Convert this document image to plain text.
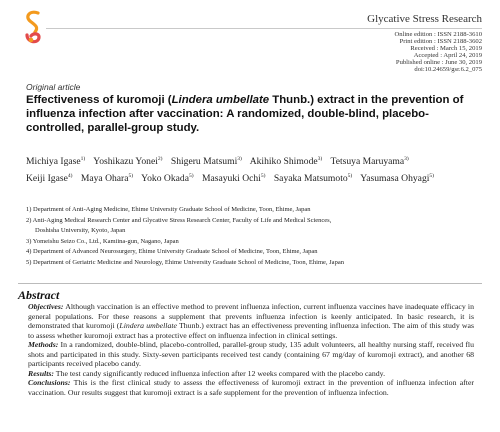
Glycative Stress Research
Online edition : ISSN 2188-3610
Print edition : ISSN 2188-3602
Received : March 15, 2019
Accepted : April 24, 2019
Published online : June 30, 2019
doi:10.24659/gsr.6.2_075
Original article
Effectiveness of kuromoji (Lindera umbellate Thunb.) extract in the prevention of influenza infection after vaccination: A randomized, double-blind, placebo-controlled, parallel-group study.
Michiya Igase$^{1)}$ Yoshikazu Yonei$^{2)}$ Shigeru Matsumi$^{3)}$ Akihiko Shimode$^{3)}$ Tetsuya Maruyama$^{3)}$
Keiji Igase$^{4)}$ Maya Ohara$^{5)}$ Yoko Okada$^{5)}$ Masayuki Ochi$^{5)}$ Sayaka Matsumoto$^{5)}$ Yasumasa Ohyagi$^{5)}$
1) Department of Anti-Aging Medicine, Ehime University Graduate School of Medicine, Toon, Ehime, Japan
2) Anti-Aging Medical Research Center and Glycative Stress Research Center, Faculty of Life and Medical Sciences,
Doshisha University, Kyoto, Japan
3) Yomeishu Seizo Co., Ltd., Kamiina-gun, Nagano, Japan
4) Department of Advanced Neurosurgery, Ehime University Graduate School of Medicine, Toon, Ehime, Japan
5) Department of Geriatric Medicine and Neurology, Ehime University Graduate School of Medicine, Toon, Ehime, Japan
Abstract

Objectives: Although vaccination is an effective method to prevent influenza infection, current influenza vaccines have inadequate efficacy in general populations. For these reasons a supplement that prevents influenza infection is keenly anticipated. In basic research, it is demonstrated that kuromoji (Lindera umbellate Thunb.) extract has an effectiveness preventing influenza infection. The aim of this study was to assess whether kuromoji extract has a protective effect on influenza infection in clinical settings.

Methods: In a randomized, double-blind, placebo-controlled, parallel-group study, 135 adult volunteers, all healthy nursing staff, received flu shots and participated in this study. Sixty-seven participants received test candy (containing 67 mg/day of kuromoji extract), and another 68 participants received placebo candy.

Results: The test candy significantly reduced influenza infection after 12 weeks compared with the placebo candy.

Conclusions: This is the first clinical study to assess the effectiveness of kuromoji extract in the prevention of influenza infection after vaccination. Our results suggest that kuromoji extract is a safe supplement for the prevention of influenza infection.
